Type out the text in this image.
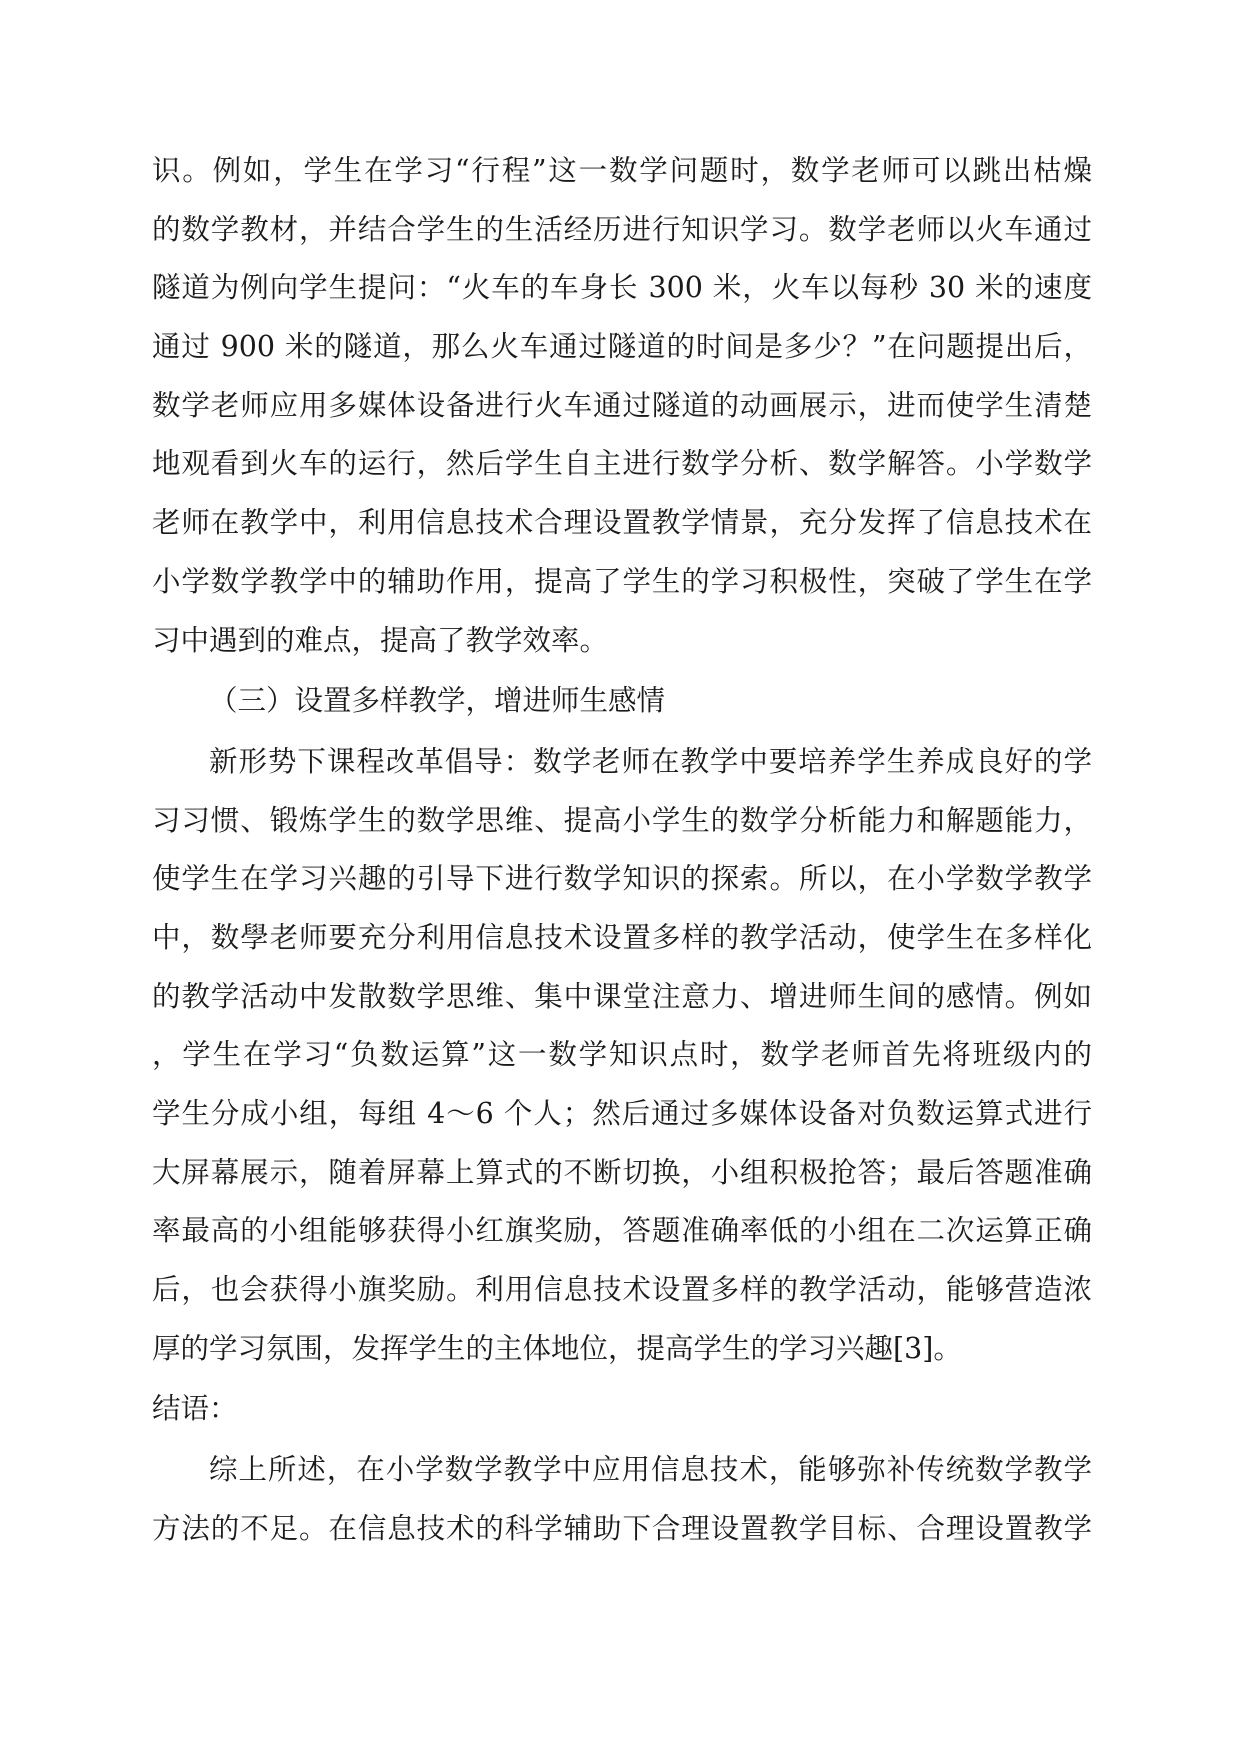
识。例如，学生在学习“行程”这一数学问题时，数学老师可以跳出枯燥
的数学教材，并结合学生的生活经历进行知识学习。数学老师以火车通过
隧道为例向学生提问：“火车的车身长 300 米，火车以每秒 30 米的速度
通过 900 米的隧道，那么火车通过隧道的时间是多少？”在问题提出后，
数学老师应用多媒体设备进行火车通过隧道的动画展示，进而使学生清楚
地观看到火车的运行，然后学生自主进行数学分析、数学解答。小学数学
老师在教学中，利用信息技术合理设置教学情景，充分发挥了信息技术在
小学数学教学中的辅助作用，提高了学生的学习积极性，突破了学生在学
习中遇到的难点，提高了教学效率。
（三）设置多样教学，增进师生感情
新形势下课程改革倡导：数学老师在教学中要培养学生养成良好的学
习习惯、锻炼学生的数学思维、提高小学生的数学分析能力和解题能力，
使学生在学习兴趣的引导下进行数学知识的探索。所以，在小学数学教学
中，数學老师要充分利用信息技术设置多样的教学活动，使学生在多样化
的教学活动中发散数学思维、集中课堂注意力、增进师生间的感情。例如
，学生在学习“负数运算”这一数学知识点时，数学老师首先将班级内的
学生分成小组，每组 4～6 个人；然后通过多媒体设备对负数运算式进行
大屏幕展示，随着屏幕上算式的不断切换，小组积极抢答；最后答题准确
率最高的小组能够获得小红旗奖励，答题准确率低的小组在二次运算正确
后，也会获得小旗奖励。利用信息技术设置多样的教学活动，能够营造浓
厚的学习氛围，发挥学生的主体地位，提高学生的学习兴趣[3]。
结语：
综上所述，在小学数学教学中应用信息技术，能够弥补传统数学教学
方法的不足。在信息技术的科学辅助下合理设置教学目标、合理设置教学
